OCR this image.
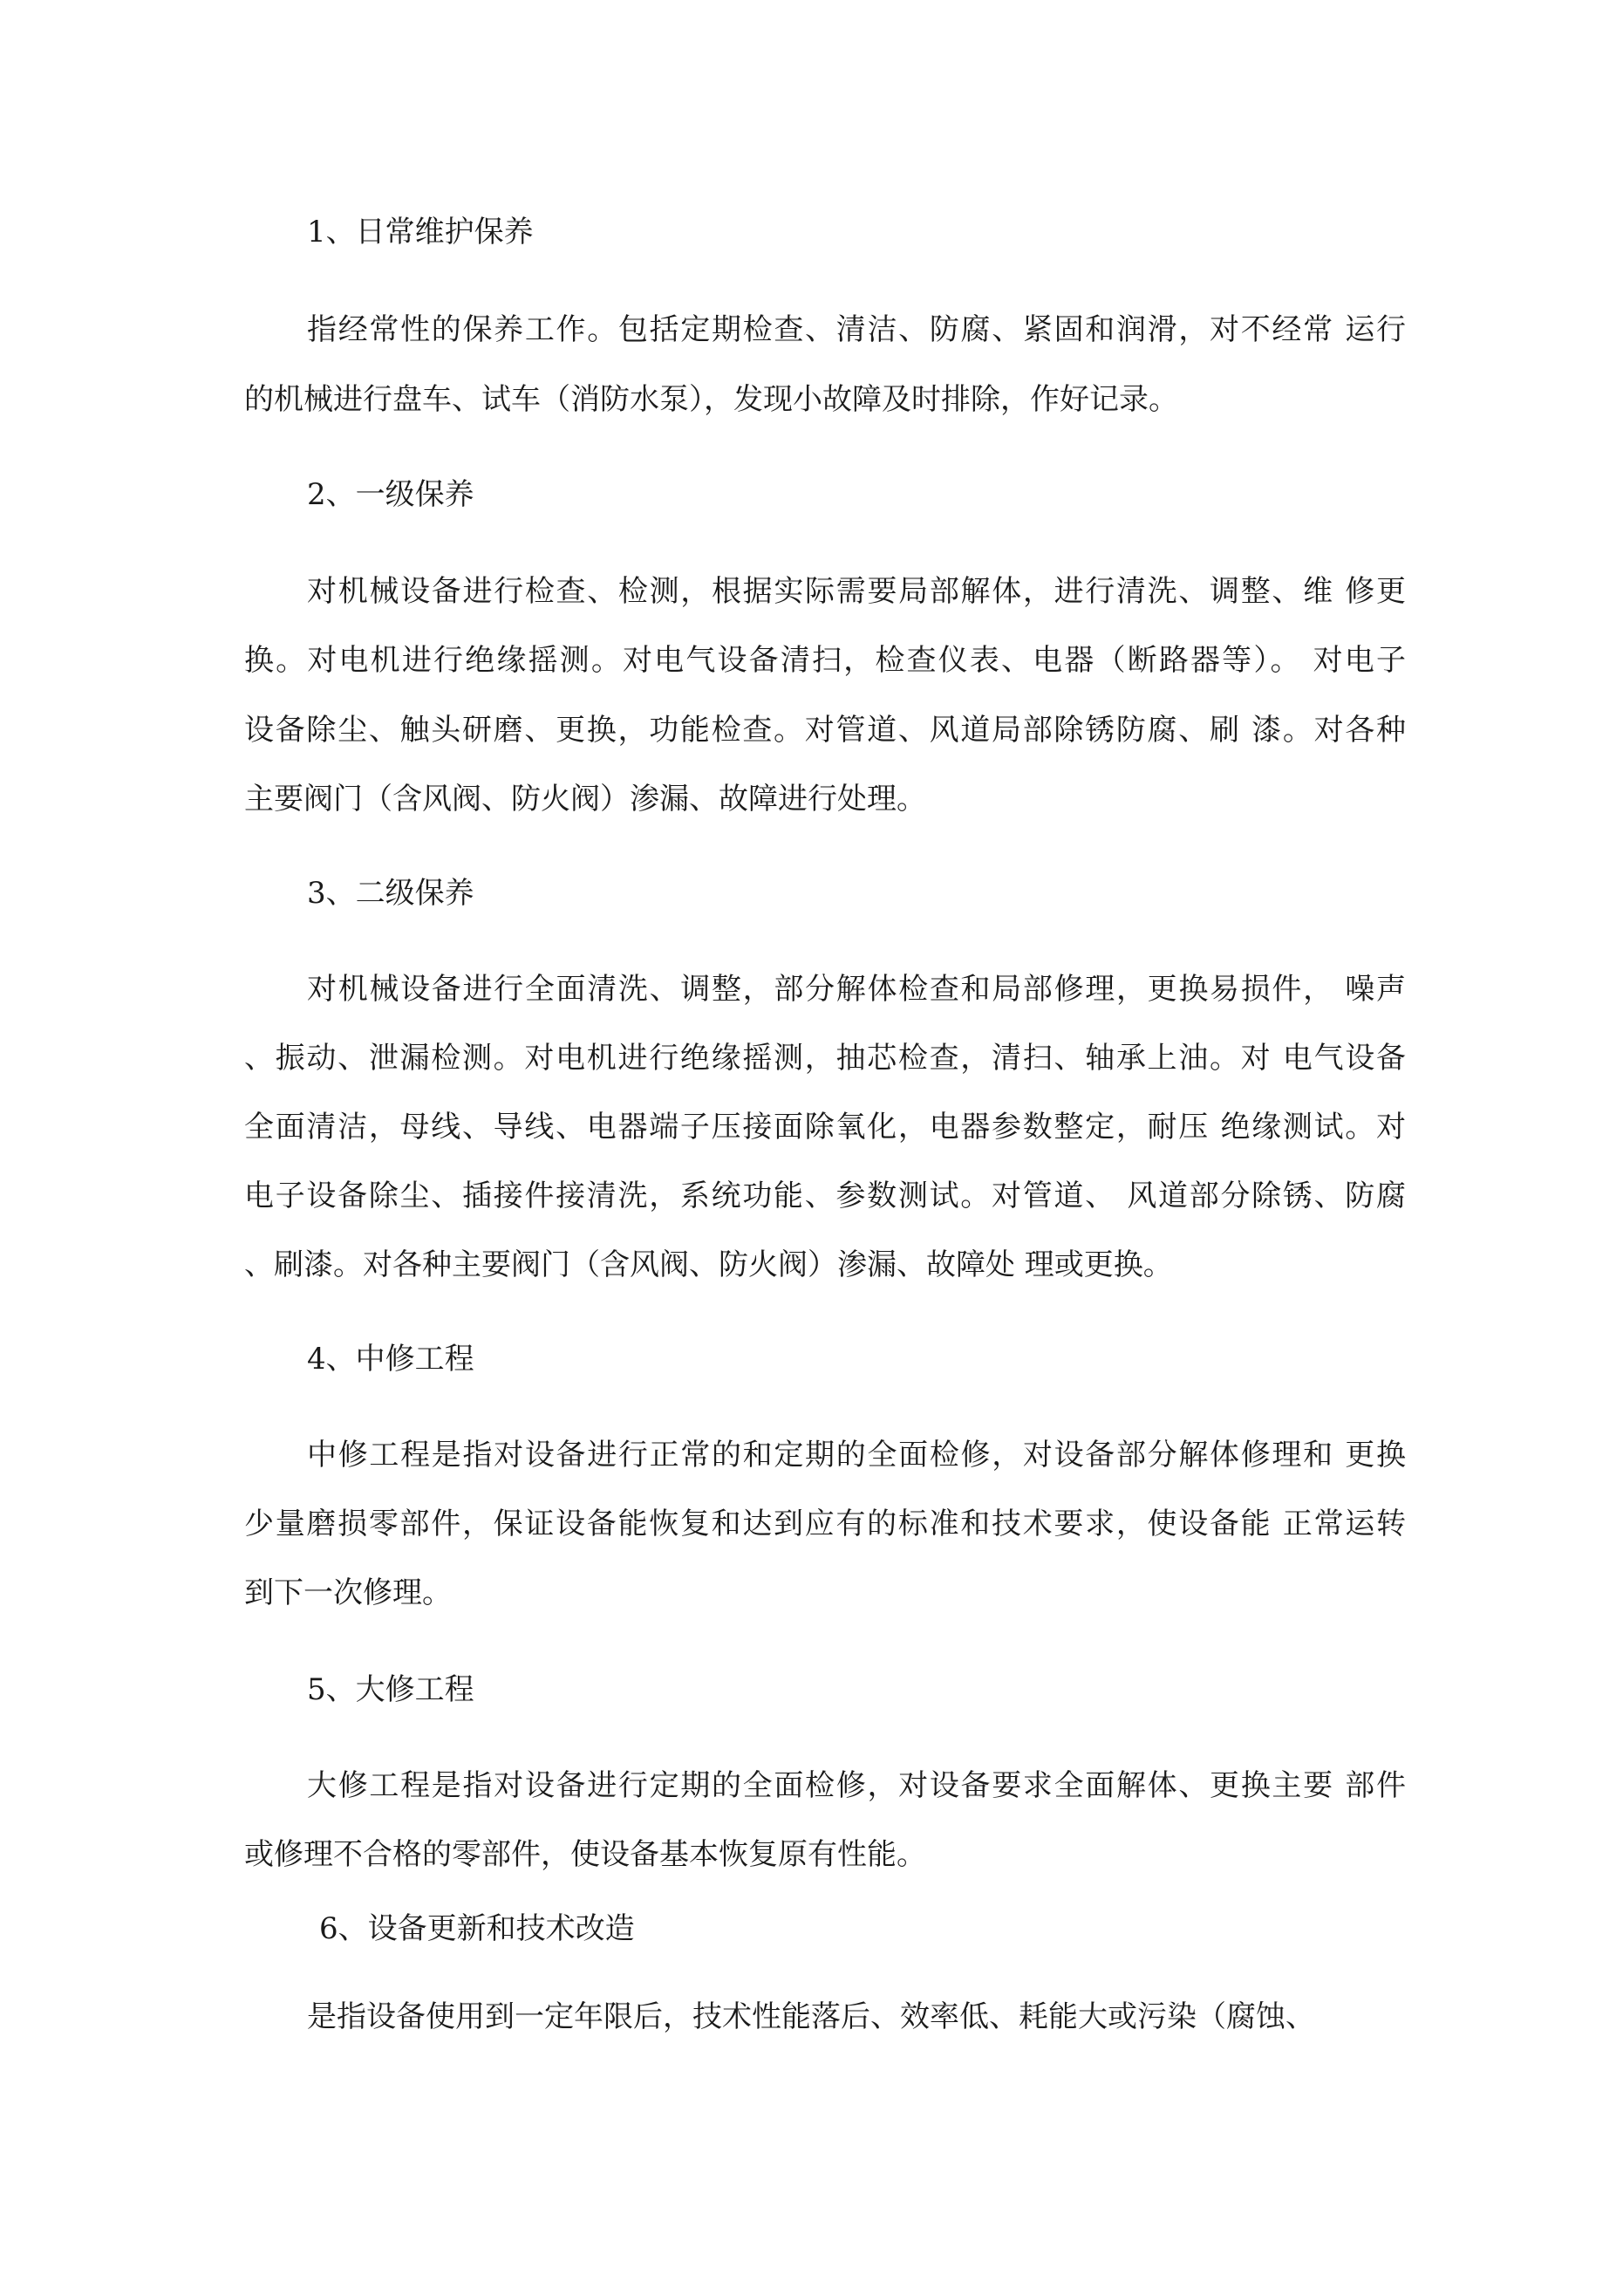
1、日常维护保养
指经常性的保养工作。包括定期检查、清洁、防腐、紧固和润滑，对不经常 运行
的机械进行盘车、试车（消防水泵），发现小故障及时排除，作好记录。
2、一级保养
对机械设备进行检查、检测，根据实际需要局部解体，进行清洗、调整、维 修更
换。对电机进行绝缘摇测。对电气设备清扫，检查仪表、电器（断路器等）。 对电子
设备除尘、触头研磨、更换，功能检查。对管道、风道局部除锈防腐、刷 漆。对各种
主要阀门（含风阀、防火阀）渗漏、故障进行处理。
3、二级保养
对机械设备进行全面清洗、调整，部分解体检查和局部修理，更换易损件， 噪声
、振动、泄漏检测。对电机进行绝缘摇测，抽芯检查，清扫、轴承上油。对 电气设备
全面清洁，母线、导线、电器端子压接面除氧化，电器参数整定，耐压 绝缘测试。对
电子设备除尘、插接件接清洗，系统功能、参数测试。对管道、 风道部分除锈、防腐
、刷漆。对各种主要阀门（含风阀、防火阀）渗漏、故障处 理或更换。
4、中修工程
中修工程是指对设备进行正常的和定期的全面检修，对设备部分解体修理和 更换
少量磨损零部件，保证设备能恢复和达到应有的标准和技术要求，使设备能 正常运转
到下一次修理。
5、大修工程
大修工程是指对设备进行定期的全面检修，对设备要求全面解体、更换主要 部件
或修理不合格的零部件，使设备基本恢复原有性能。
6、设备更新和技术改造
是指设备使用到一定年限后，技术性能落后、效率低、耗能大或污染（腐蚀、
